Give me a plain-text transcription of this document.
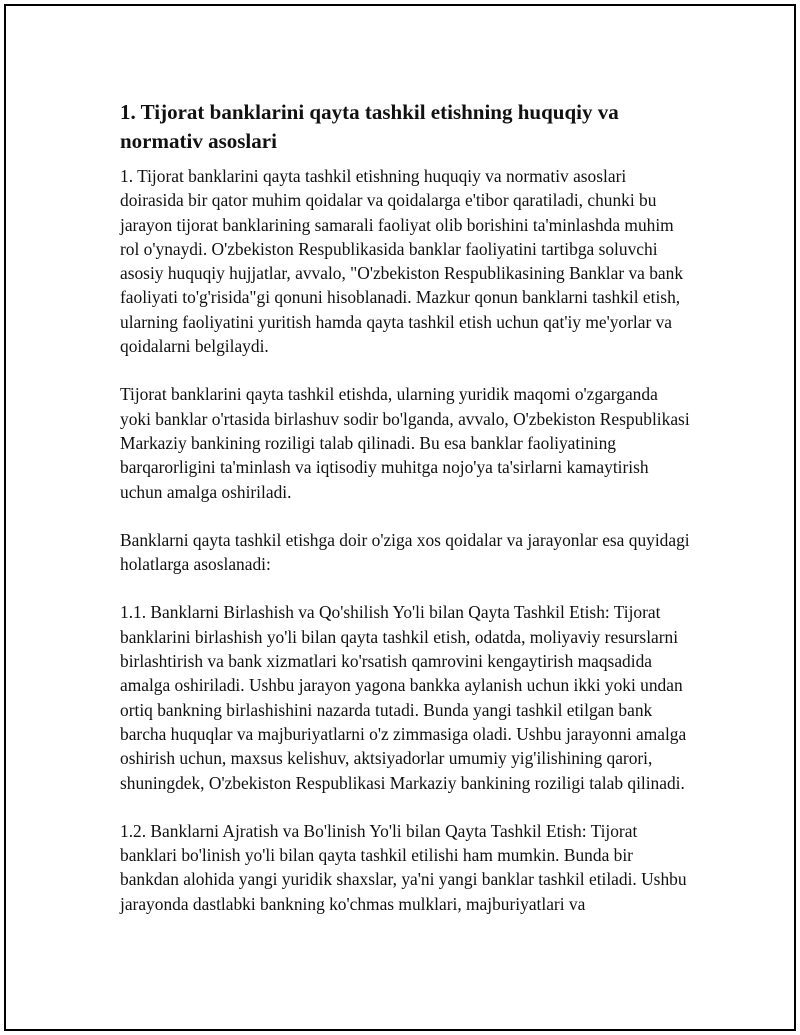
1. Tijorat banklarini qayta tashkil etishning huquqiy va normativ asoslari

1. Tijorat banklarini qayta tashkil etishning huquqiy va normativ asoslari doirasida bir qator muhim qoidalar va qoidalarga e'tibor qaratiladi, chunki bu jarayon tijorat banklarining samarali faoliyat olib borishini ta'minlashda muhim rol o'ynaydi. O'zbekiston Respublikasida banklar faoliyatini tartibga soluvchi asosiy huquqiy hujjatlar, avvalo, "O'zbekiston Respublikasining Banklar va bank faoliyati to'g'risida"gi qonuni hisoblanadi. Mazkur qonun banklarni tashkil etish, ularning faoliyatini yuritish hamda qayta tashkil etish uchun qat'iy me'yorlar va qoidalarni belgilaydi.

Tijorat banklarini qayta tashkil etishda, ularning yuridik maqomi o'zgarganda yoki banklar o'rtasida birlashuv sodir bo'lganda, avvalo, O'zbekiston Respublikasi Markaziy bankining roziligi talab qilinadi. Bu esa banklar faoliyatining barqarorligini ta'minlash va iqtisodiy muhitga nojo'ya ta'sirlarni kamaytirish uchun amalga oshiriladi.

Banklarni qayta tashkil etishga doir o'ziga xos qoidalar va jarayonlar esa quyidagi holatlarga asoslanadi:

1.1. Banklarni Birlashish va Qo'shilish Yo'li bilan Qayta Tashkil Etish: Tijorat banklarini birlashish yo'li bilan qayta tashkil etish, odatda, moliyaviy resurslarni birlashtirish va bank xizmatlari ko'rsatish qamrovini kengaytirish maqsadida amalga oshiriladi. Ushbu jarayon yagona bankka aylanish uchun ikki yoki undan ortiq bankning birlashishini nazarda tutadi. Bunda yangi tashkil etilgan bank barcha huquqlar va majburiyatlarni o'z zimmasiga oladi. Ushbu jarayonni amalga oshirish uchun, maxsus kelishuv, aktsiyadorlar umumiy yig'ilishining qarori, shuningdek, O'zbekiston Respublikasi Markaziy bankining roziligi talab qilinadi.

1.2. Banklarni Ajratish va Bo'linish Yo'li bilan Qayta Tashkil Etish: Tijorat banklari bo'linish yo'li bilan qayta tashkil etilishi ham mumkin. Bunda bir bankdan alohida yangi yuridik shaxslar, ya'ni yangi banklar tashkil etiladi. Ushbu jarayonda dastlabki bankning ko'chmas mulklari, majburiyatlari va
